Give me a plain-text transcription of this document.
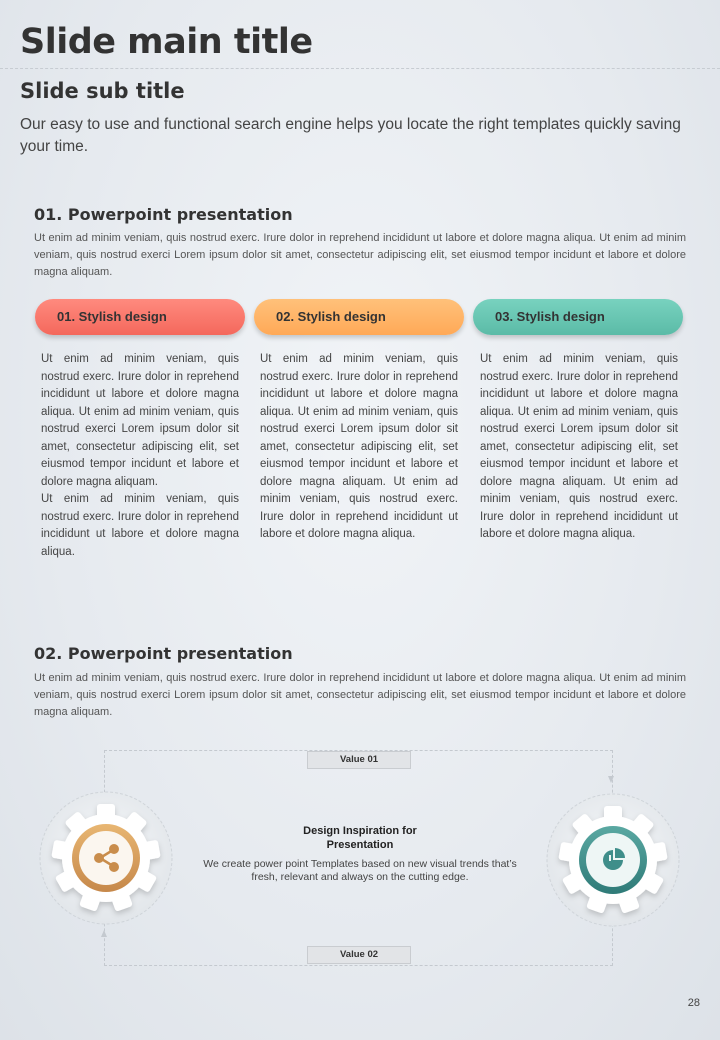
Slide main title
Slide sub title
Our easy to use and functional search engine helps you locate the right templates quickly saving your time.
01. Powerpoint presentation
Ut enim ad minim veniam, quis nostrud exerc. Irure dolor in reprehend incididunt ut labore et dolore magna aliqua. Ut enim ad minim veniam, quis nostrud exerci Lorem ipsum dolor sit amet, consectetur adipiscing elit, set eiusmod tempor incidunt et labore et dolore magna aliquam.
01. Stylish design	02. Stylish design	03. Stylish design

Ut enim ad minim veniam, quis nostrud exerc. Irure dolor in reprehend incididunt ut labore et dolore magna aliqua. Ut enim ad minim veniam, quis nostrud exerci Lorem ipsum dolor sit amet, consectetur adipiscing elit, set eiusmod tempor incidunt et labore et dolore magna aliquam.

Ut enim ad minim veniam, quis nostrud exerc. Irure dolor in reprehend incididunt ut labore et dolore magna aliqua.

Ut enim ad minim veniam, quis nostrud exerc. Irure dolor in reprehend incididunt ut labore et dolore magna aliqua. Ut enim ad minim veniam, quis nostrud exerci Lorem ipsum dolor sit amet, consectetur adipiscing elit, set eiusmod tempor incidunt et labore et dolore magna aliquam. Ut enim ad minim veniam, quis nostrud exerc. Irure dolor in reprehend incididunt ut labore et dolore magna aliqua.

Ut enim ad minim veniam, quis nostrud exerc. Irure dolor in reprehend incididunt ut labore et dolore magna aliqua. Ut enim ad minim veniam, quis nostrud exerci Lorem ipsum dolor sit amet, consectetur adipiscing elit, set eiusmod tempor incidunt et labore et dolore magna aliquam. Ut enim ad minim veniam, quis nostrud exerc. Irure dolor in reprehend incididunt ut labore et dolore magna aliqua.

02. Powerpoint presentation
Ut enim ad minim veniam, quis nostrud exerc. Irure dolor in reprehend incididunt ut labore et dolore magna aliqua. Ut enim ad minim veniam, quis nostrud exerci Lorem ipsum dolor sit amet, consectetur adipiscing elit, set eiusmod tempor incidunt et labore et dolore magna aliquam.
Value 01
Value 02
Design Inspiration for Presentation
We create power point Templates based on new visual trends that’s fresh, relevant and always on the cutting edge.
28
